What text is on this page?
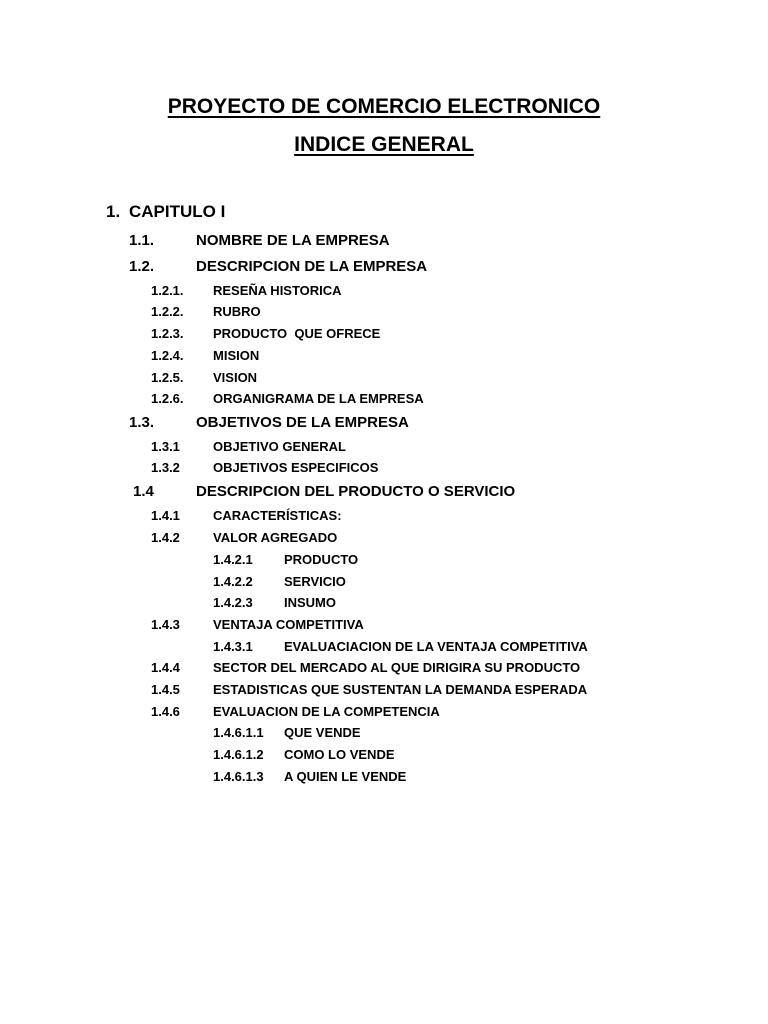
PROYECTO DE COMERCIO ELECTRONICO
INDICE GENERAL
1. CAPITULO I
1.1.	NOMBRE DE LA EMPRESA
1.2.	DESCRIPCION DE LA EMPRESA
1.2.1. RESEÑA HISTORICA
1.2.2. RUBRO
1.2.3. PRODUCTO  QUE OFRECE
1.2.4. MISION
1.2.5. VISION
1.2.6. ORGANIGRAMA DE LA EMPRESA
1.3.	OBJETIVOS DE LA EMPRESA
1.3.1	OBJETIVO GENERAL
1.3.2	OBJETIVOS ESPECIFICOS
1.4	DESCRIPCION DEL PRODUCTO O SERVICIO
1.4.1	CARACTERÍSTICAS:
1.4.2	VALOR AGREGADO
1.4.2.1 PRODUCTO
1.4.2.2 SERVICIO
1.4.2.3 INSUMO
1.4.3	VENTAJA COMPETITIVA
1.4.3.1 EVALUACIACION DE LA VENTAJA COMPETITIVA
1.4.4	SECTOR DEL MERCADO AL QUE DIRIGIRA SU PRODUCTO
1.4.5	ESTADISTICAS QUE SUSTENTAN LA DEMANDA ESPERADA
1.4.6	EVALUACION DE LA COMPETENCIA
1.4.6.1.1 QUE VENDE
1.4.6.1.2 COMO LO VENDE
1.4.6.1.3 A QUIEN LE VENDE
